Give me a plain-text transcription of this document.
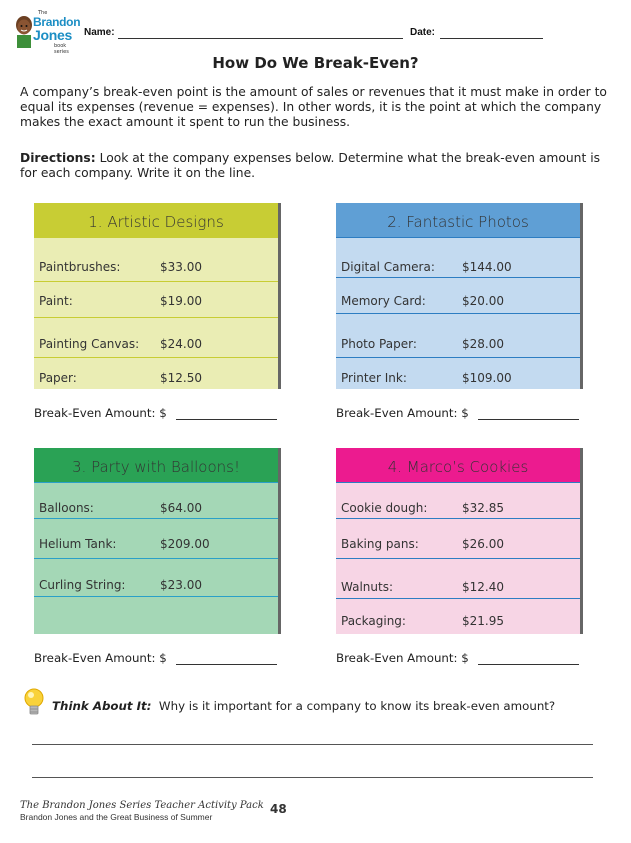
The
Brandon
Jones
book series
Name:	Date:
How Do We Break-Even?
A company’s break-even point is the amount of sales or revenues that it must make in order to equal its expenses (revenue = expenses). In other words, it is the point at which the company makes the exact amount it spent to run the business.
Directions: Look at the company expenses below. Determine what the break-even amount is for each company. Write it on the line.
1. Artistic Designs
Paintbrushes:	$33.00
Paint:	$19.00
Painting Canvas: $24.00
Paper:	$12.50
2. Fantastic Photos
Digital Camera: $144.00
Memory Card:	$20.00
Photo Paper:	$28.00
Printer Ink:	$109.00
Break-Even Amount: $	Break-Even Amount: $
3. Party with Balloons!
Balloons:	$64.00
Helium Tank:	$209.00
Curling String:	$23.00
4. Marco’s Cookies
Cookie dough:	$32.85
Baking pans:	$26.00
Walnuts:	$12.40
Packaging:	$21.95
Break-Even Amount: $	Break-Even Amount: $
Think About It: Why is it important for a company to know its break-even amount?
The Brandon Jones Series Teacher Activity Pack
Brandon Jones and the Great Business of Summer
48
